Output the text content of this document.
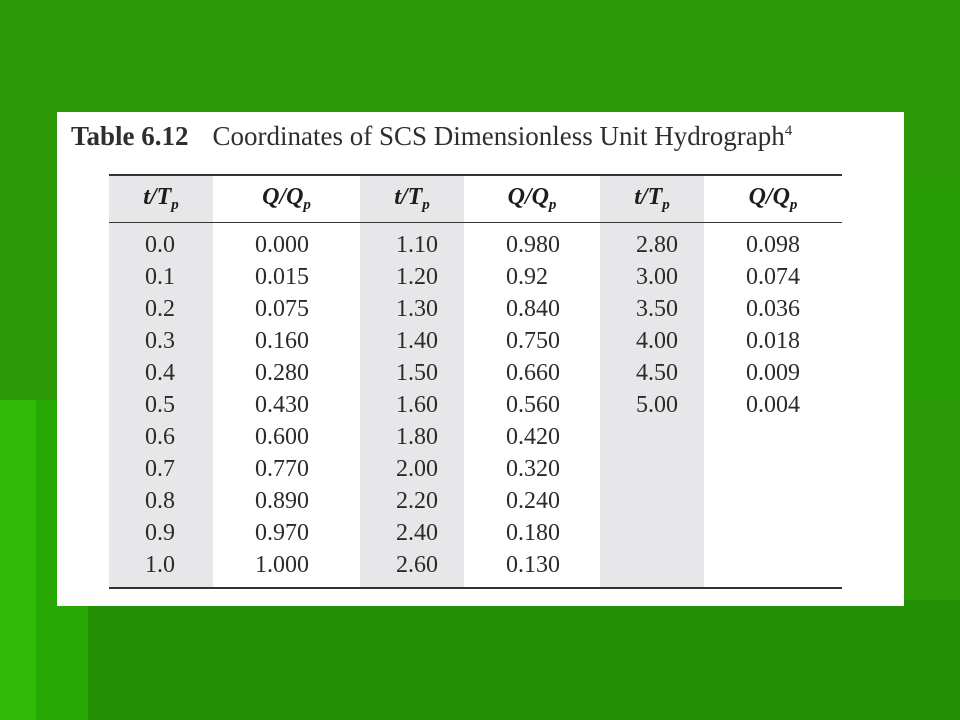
Table 6.12 Coordinates of SCS Dimensionless Unit Hydrograph$^4$
$t/T_p$	$Q/Q_p$	$t/T_p$	$Q/Q_p$	$t/T_p$	$Q/Q_p$
0.0	0.000	1.10	0.980	2.80	0.098
0.1	0.015	1.20	0.92	3.00	0.074
0.2	0.075	1.30	0.840	3.50	0.036
0.3	0.160	1.40	0.750	4.00	0.018
0.4	0.280	1.50	0.660	4.50	0.009
0.5	0.430	1.60	0.560	5.00	0.004
0.6	0.600	1.80	0.420		
0.7	0.770	2.00	0.320		
0.8	0.890	2.20	0.240		
0.9	0.970	2.40	0.180		
1.0	1.000	2.60	0.130		
